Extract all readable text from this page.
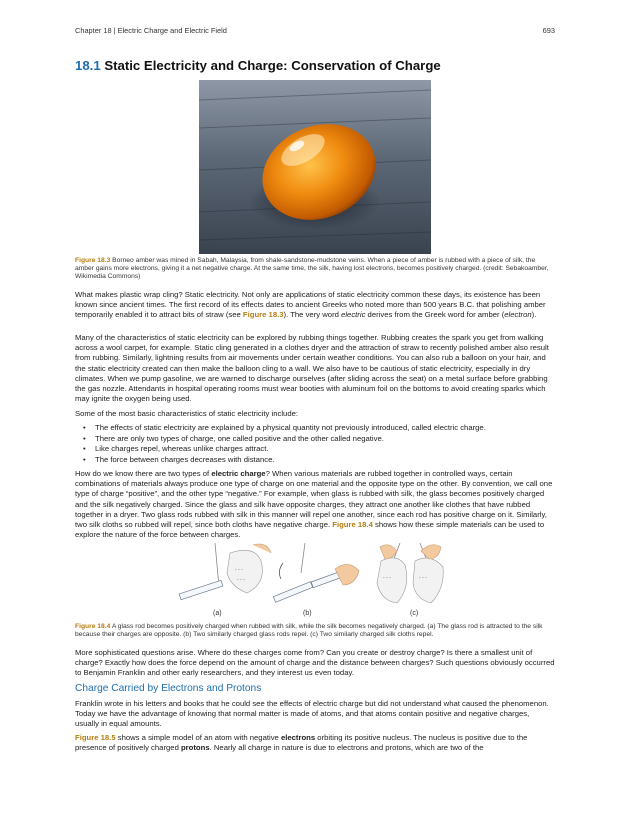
Chapter 18 | Electric Charge and Electric Field	693
18.1 Static Electricity and Charge: Conservation of Charge
Figure 18.3 Borneo amber was mined in Sabah, Malaysia, from shale-sandstone-mudstone veins. When a piece of amber is rubbed with a piece of silk, the amber gains more electrons, giving it a net negative charge. At the same time, the silk, having lost electrons, becomes positively charged. (credit: Sebakoamber, Wikimedia Commons)

What makes plastic wrap cling? Static electricity. Not only are applications of static electricity common these days, its existence has been known since ancient times. The first record of its effects dates to ancient Greeks who noted more than 500 years B.C. that polishing amber temporarily enabled it to attract bits of straw (see Figure 18.3). The very word electric derives from the Greek word for amber (electron).

Many of the characteristics of static electricity can be explored by rubbing things together. Rubbing creates the spark you get from walking across a wool carpet, for example. Static cling generated in a clothes dryer and the attraction of straw to recently polished amber also result from rubbing. Similarly, lightning results from air movements under certain weather conditions. You can also rub a balloon on your hair, and the static electricity created can then make the balloon cling to a wall. We also have to be cautious of static electricity, especially in dry climates. When we pump gasoline, we are warned to discharge ourselves (after sliding across the seat) on a metal surface before grabbing the gas nozzle. Attendants in hospital operating rooms must wear booties with aluminum foil on the bottoms to avoid creating sparks which may ignite the oxygen being used.

Some of the most basic characteristics of static electricity include:

• The effects of static electricity are explained by a physical quantity not previously introduced, called electric charge.
• There are only two types of charge, one called positive and the other called negative.
• Like charges repel, whereas unlike charges attract.
• The force between charges decreases with distance.

How do we know there are two types of electric charge? When various materials are rubbed together in controlled ways, certain combinations of materials always produce one type of charge on one material and the opposite type on the other. By convention, we call one type of charge “positive”, and the other type “negative.” For example, when glass is rubbed with silk, the glass becomes positively charged and the silk negatively charged. Since the glass and silk have opposite charges, they attract one another like clothes that have rubbed together in a dryer. Two glass rods rubbed with silk in this manner will repel one another, since each rod has positive charge on it. Similarly, two silk cloths so rubbed will repel, since both cloths have negative charge. Figure 18.4 shows how these simple materials can be used to explore the nature of the force between charges.

- - -
- - -	- - -	- - -
(a)	(b)	(c)
Figure 18.4 A glass rod becomes positively charged when rubbed with silk, while the silk becomes negatively charged. (a) The glass rod is attracted to the silk because their charges are opposite. (b) Two similarly charged glass rods repel. (c) Two similarly charged silk cloths repel.

More sophisticated questions arise. Where do these charges come from? Can you create or destroy charge? Is there a smallest unit of charge? Exactly how does the force depend on the amount of charge and the distance between charges? Such questions obviously occurred to Benjamin Franklin and other early researchers, and they interest us even today.

Charge Carried by Electrons and Protons

Franklin wrote in his letters and books that he could see the effects of electric charge but did not understand what caused the phenomenon. Today we have the advantage of knowing that normal matter is made of atoms, and that atoms contain positive and negative charges, usually in equal amounts.

Figure 18.5 shows a simple model of an atom with negative electrons orbiting its positive nucleus. The nucleus is positive due to the presence of positively charged protons. Nearly all charge in nature is due to electrons and protons, which are two of the
